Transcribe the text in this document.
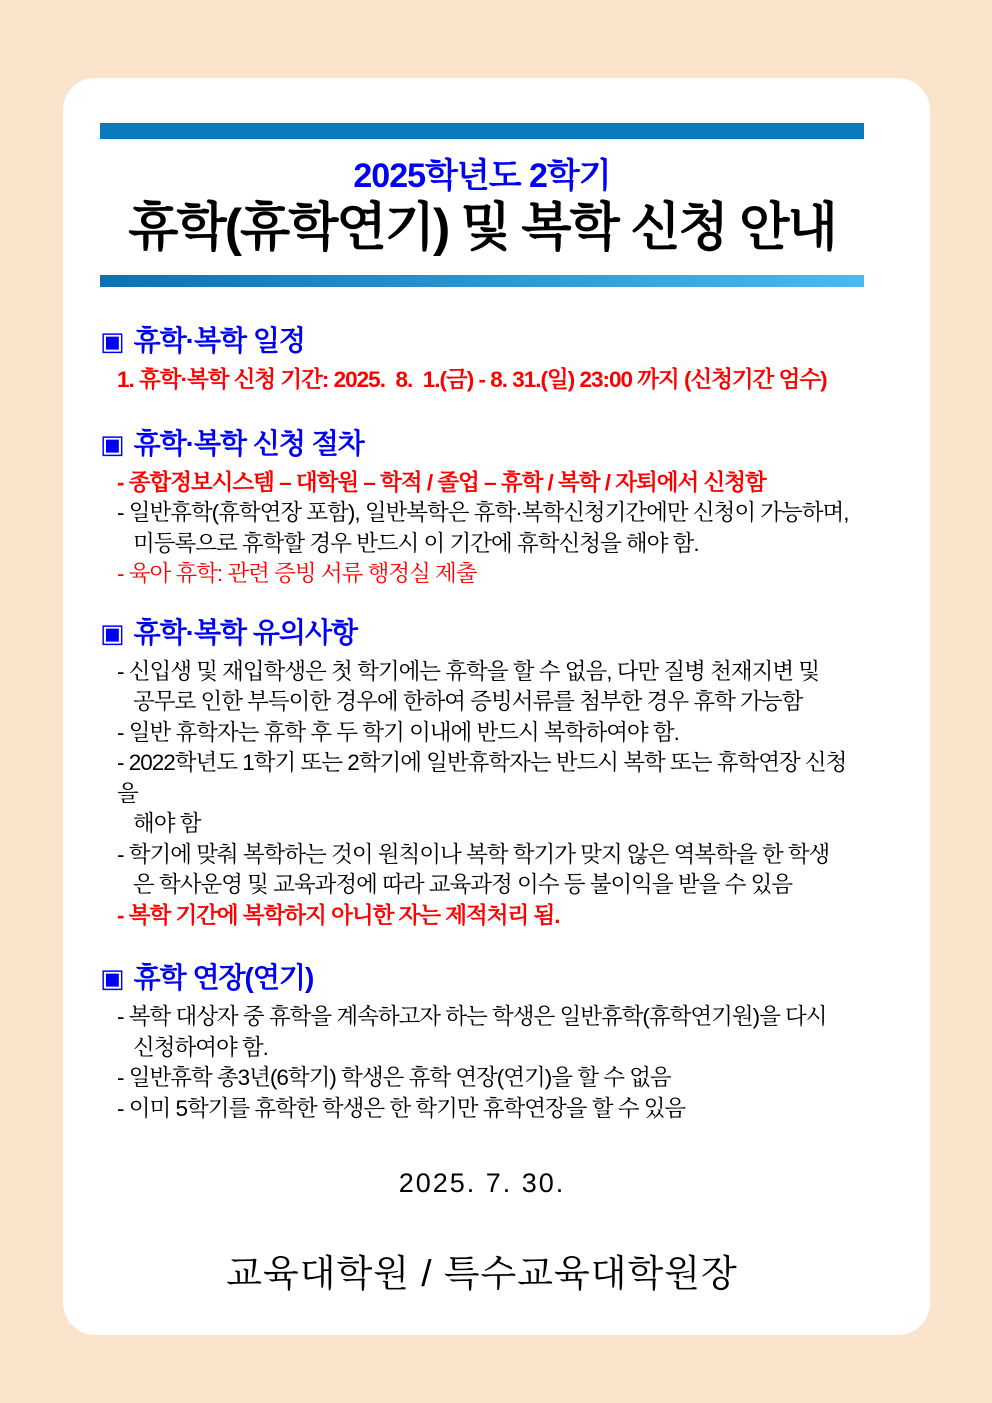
2025학년도 2학기
휴학(휴학연기) 및 복학 신청 안내
▣ 휴학·복학 일정
1. 휴학·복학 신청 기간: 2025.  8.  1.(금) - 8. 31.(일) 23:00 까지 (신청기간 엄수)
▣ 휴학·복학 신청 절차
- 종합정보시스템 – 대학원 – 학적 / 졸업 – 휴학 / 복학 / 자퇴에서 신청함
- 일반휴학(휴학연장 포함), 일반복학은 휴학·복학신청기간에만 신청이 가능하며,
미등록으로 휴학할 경우 반드시 이 기간에 휴학신청을 해야 함.
- 육아 휴학: 관련 증빙 서류 행정실 제출
▣ 휴학·복학 유의사항
- 신입생 및 재입학생은 첫 학기에는 휴학을 할 수 없음, 다만 질병 천재지변 및
공무로 인한 부득이한 경우에 한하여 증빙서류를 첨부한 경우 휴학 가능함
- 일반 휴학자는 휴학 후 두 학기 이내에 반드시 복학하여야 함.
- 2022학년도 1학기 또는 2학기에 일반휴학자는 반드시 복학 또는 휴학연장 신청을
해야 함
- 학기에 맞춰 복학하는 것이 원칙이나 복학 학기가 맞지 않은 역복학을 한 학생
은 학사운영 및 교육과정에 따라 교육과정 이수 등 불이익을 받을 수 있음
- 복학 기간에 복학하지 아니한 자는 제적처리 됨.
▣ 휴학 연장(연기)
- 복학 대상자 중 휴학을 계속하고자 하는 학생은 일반휴학(휴학연기원)을 다시
신청하여야 함.
- 일반휴학 총3년(6학기) 학생은 휴학 연장(연기)을 할 수 없음
- 이미 5학기를 휴학한 학생은 한 학기만 휴학연장을 할 수 있음
2025. 7. 30.
교육대학원 / 특수교육대학원장
